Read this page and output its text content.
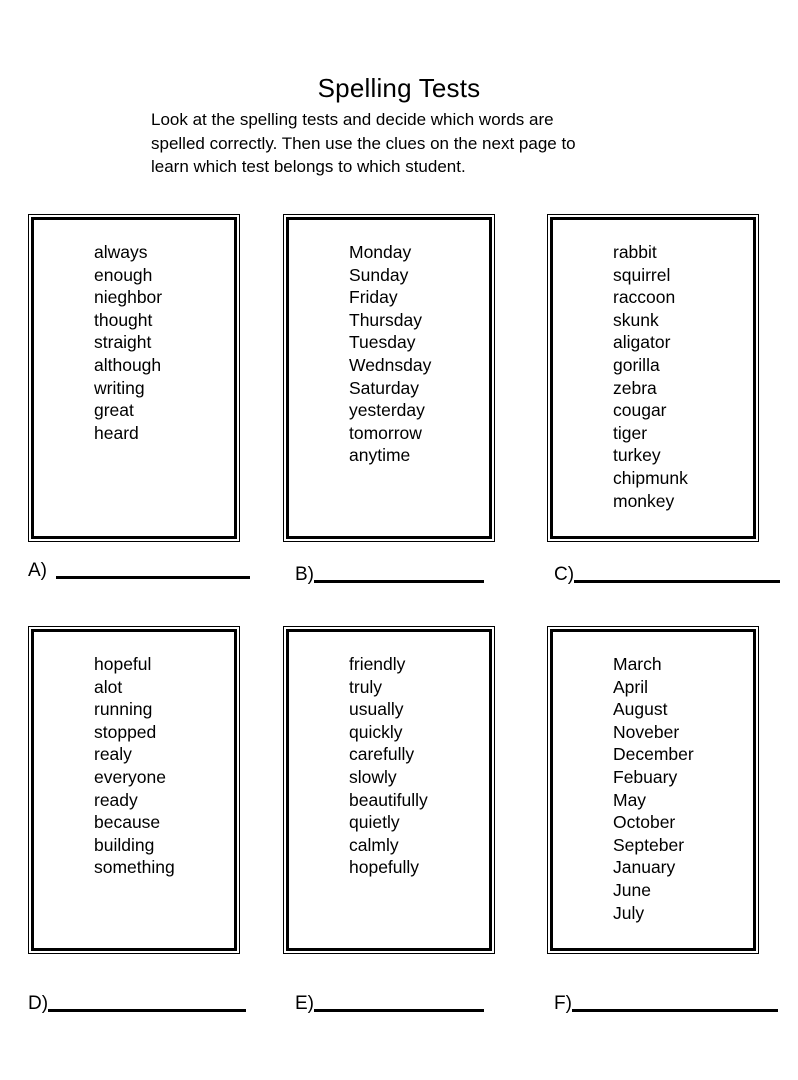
Spelling Tests
Look at the spelling tests and decide which words are
spelled correctly. Then use the clues on the next page to
learn which test belongs to which student.
always
enough
nieghbor
thought
straight
although
writing
great
heard
Monday
Sunday
Friday
Thursday
Tuesday
Wednsday
Saturday
yesterday
tomorrow
anytime
rabbit
squirrel
raccoon
skunk
aligator
gorilla
zebra
cougar
tiger
turkey
chipmunk
monkey
hopeful
alot
running
stopped
realy
everyone
ready
because
building
something
friendly
truly
usually
quickly
carefully
slowly
beautifully
quietly
calmly
hopefully
March
April
August
Noveber
December
Febuary
May
October
Septeber
January
June
July
A)	B)	C)
D)	E)	F)
